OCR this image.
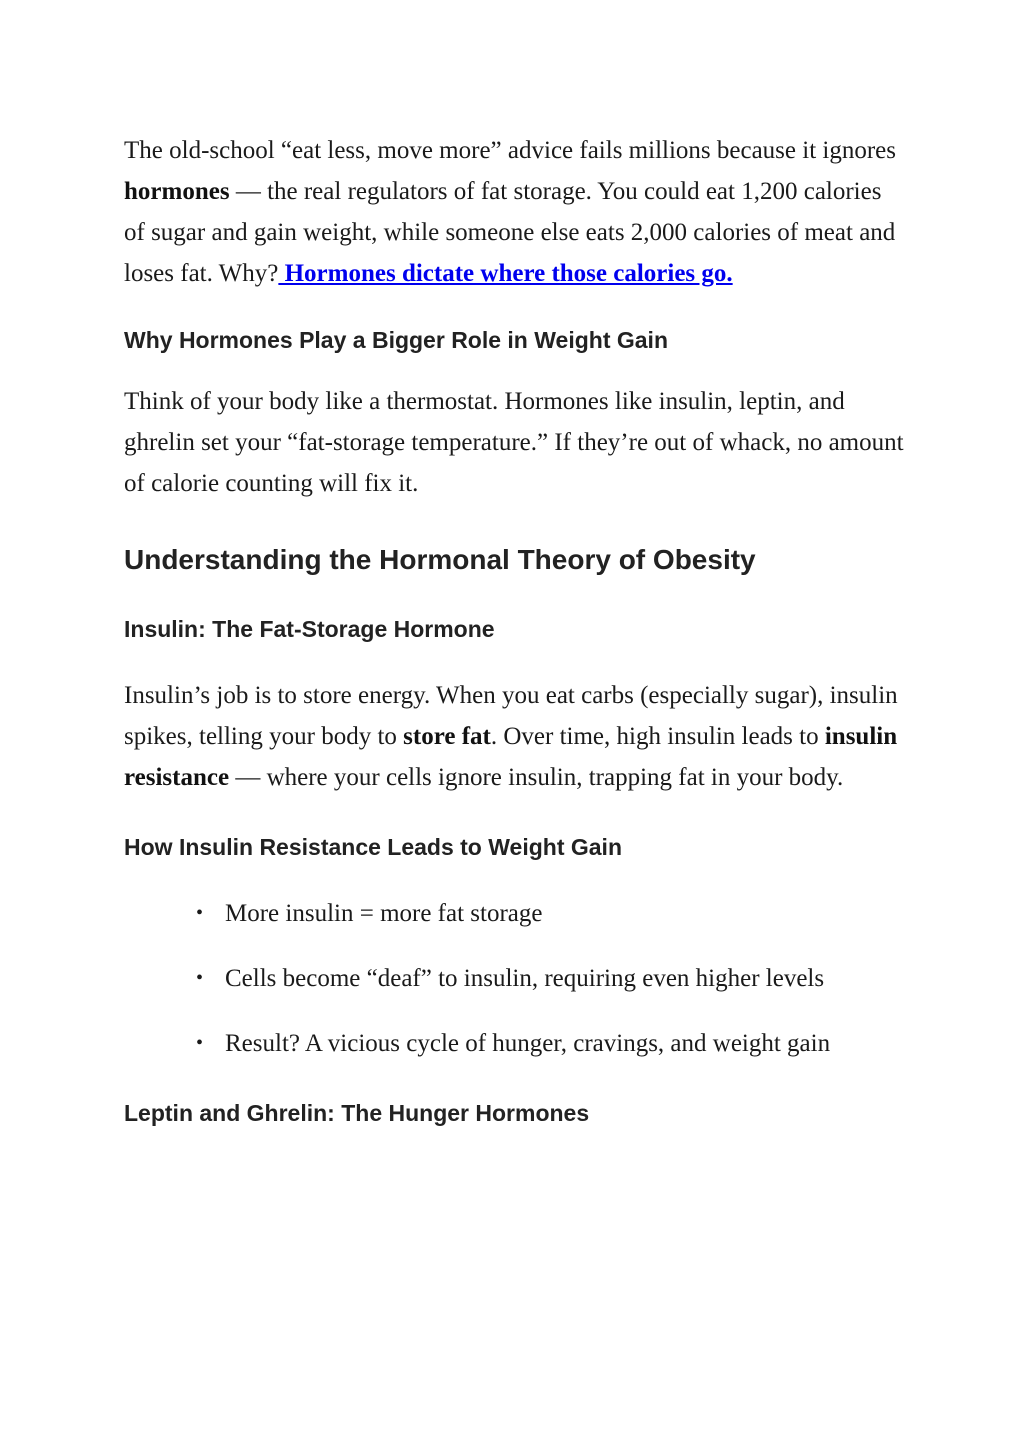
The old-school “eat less, move more” advice fails millions because it ignores hormones — the real regulators of fat storage. You could eat 1,200 calories of sugar and gain weight, while someone else eats 2,000 calories of meat and loses fat. Why? Hormones dictate where those calories go.

Why Hormones Play a Bigger Role in Weight Gain

Think of your body like a thermostat. Hormones like insulin, leptin, and ghrelin set your “fat-storage temperature.” If they’re out of whack, no amount of calorie counting will fix it.

Understanding the Hormonal Theory of Obesity
Insulin: The Fat-Storage Hormone

Insulin’s job is to store energy. When you eat carbs (especially sugar), insulin spikes, telling your body to store fat. Over time, high insulin leads to insulin resistance — where your cells ignore insulin, trapping fat in your body.

How Insulin Resistance Leads to Weight Gain
• More insulin = more fat storage
• Cells become “deaf” to insulin, requiring even higher levels
• Result? A vicious cycle of hunger, cravings, and weight gain
Leptin and Ghrelin: The Hunger Hormones
